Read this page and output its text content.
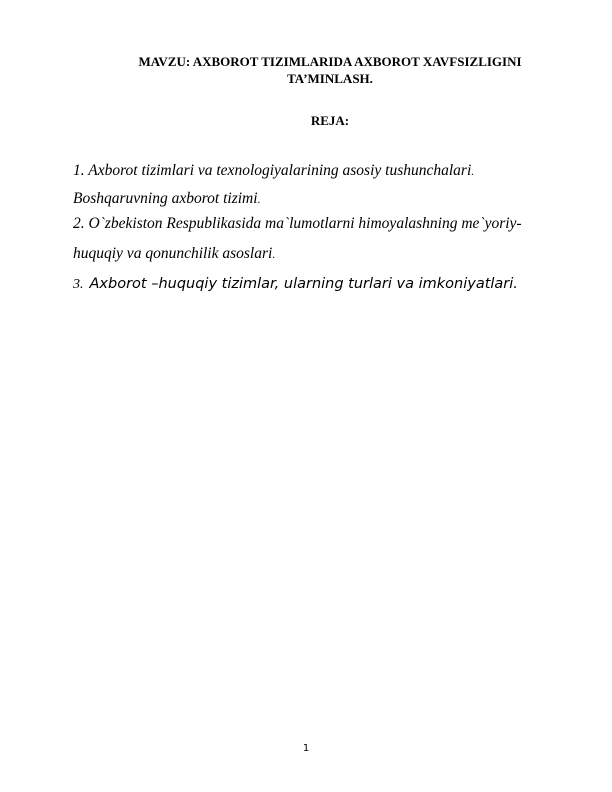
MAVZU: AXBOROT TIZIMLARIDA AXBOROT XAVFSIZLIGINI
TA’MINLASH.
REJA:
1. Axborot tizimlari va texnologiyalarining asosiy tushunchalari.
Boshqaruvning axborot tizimi.
2. O`zbekiston Respublikasida ma`lumotlarni himoyalashning me`yoriy-
huquqiy va qonunchilik asoslari.
3. Axborot –huquqiy tizimlar, ularning turlari va imkoniyatlari.
1
